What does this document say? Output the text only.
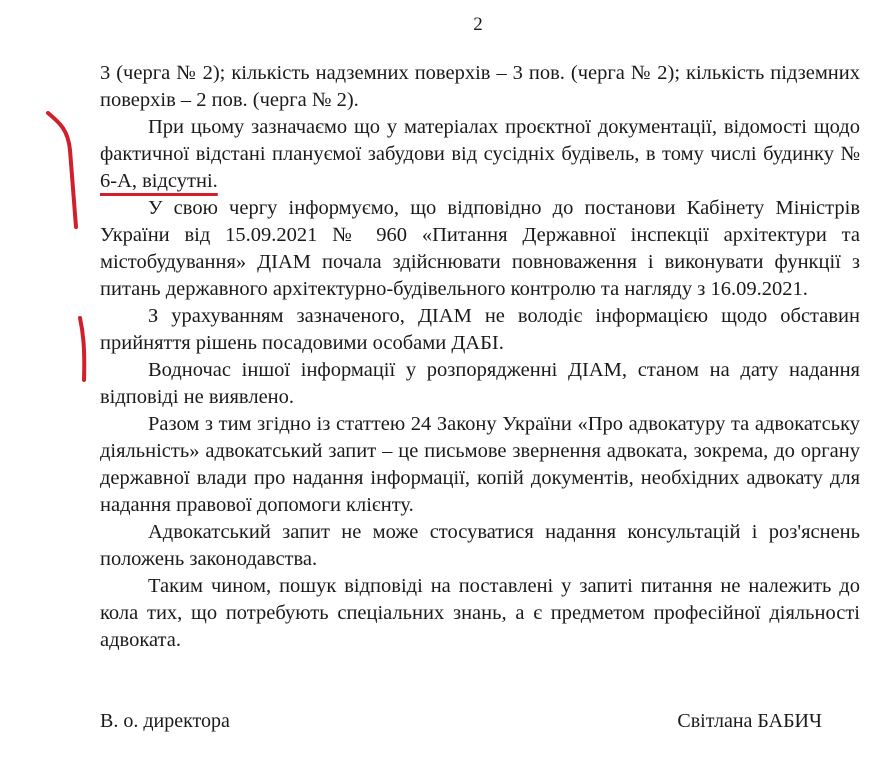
2

3 (черга № 2); кількість надземних поверхів – 3 пов. (черга № 2); кількість підземних поверхів – 2 пов. (черга № 2).

При цьому зазначаємо що у матеріалах проєктної документації, відомості щодо фактичної відстані плануємої забудови від сусідніх будівель, в тому числі будинку № 6-А, відсутні.

У свою чергу інформуємо, що відповідно до постанови Кабінету Міністрів України від 15.09.2021 № 960 «Питання Державної інспекції архітектури та містобудування» ДІАМ почала здійснювати повноваження і виконувати функції з питань державного архітектурно-будівельного контролю та нагляду з 16.09.2021.

З урахуванням зазначеного, ДІАМ не володіє інформацією щодо обставин прийняття рішень посадовими особами ДАБІ.

Водночас іншої інформації у розпорядженні ДІАМ, станом на дату надання відповіді не виявлено.

Разом з тим згідно із статтею 24 Закону України «Про адвокатуру та адвокатську діяльність» адвокатський запит – це письмове звернення адвоката, зокрема, до органу державної влади про надання інформації, копій документів, необхідних адвокату для надання правової допомоги клієнту.

Адвокатський запит не може стосуватися надання консультацій і роз'яснень положень законодавства.

Таким чином, пошук відповіді на поставлені у запиті питання не належить до кола тих, що потребують спеціальних знань, а є предметом професійної діяльності адвоката.

В. о. директора	Світлана БАБИЧ
